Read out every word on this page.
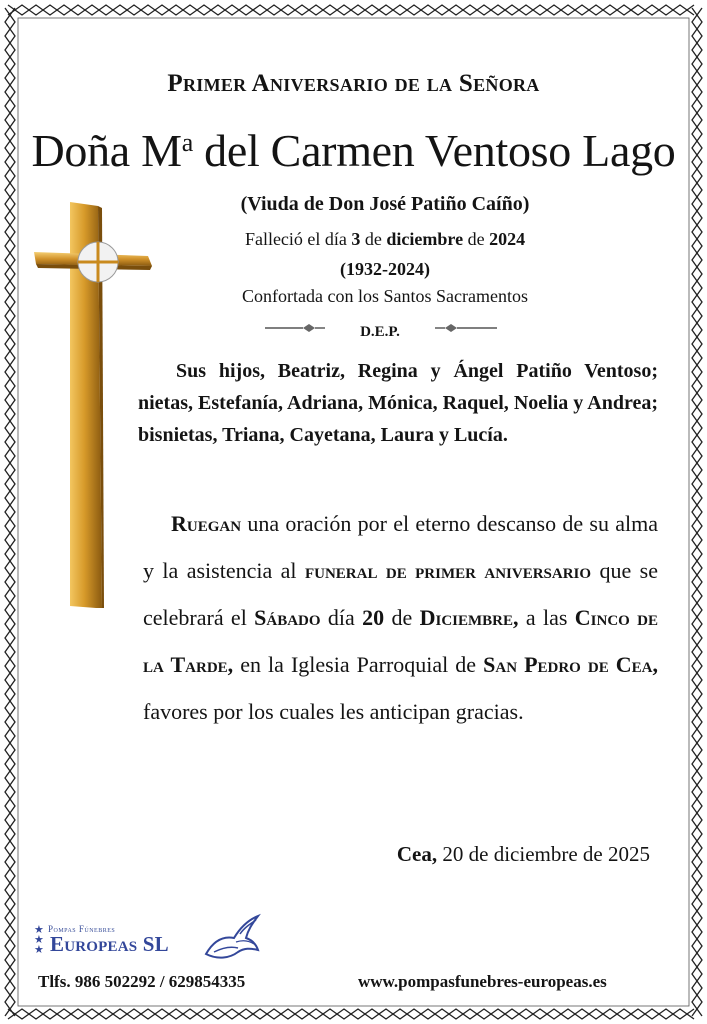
Primer Aniversario de la Señora
Doña $M^a$ del Carmen Ventoso Lago
(Viuda de Don José Patiño Caíño)
Falleció el día 3 de diciembre de 2024
(1932-2024)
Confortada con los Santos Sacramentos
D.E.P.

Sus hijos, Beatriz, Regina y Ángel Patiño Ventoso; nietas, Estefanía, Adriana, Mónica, Raquel, Noelia y Andrea; bisnietas, Triana, Cayetana, Laura y Lucía.

Ruegan una oración por el eterno descanso de su alma y la asistencia al funeral de primer aniversario que se celebrará el Sábado día 20 de Diciembre, a las Cinco de la Tarde, en la Iglesia Parroquial de San Pedro de Cea, favores por los cuales les anticipan gracias.

Cea, 20 de diciembre de 2025
★
★
★
Pompas Fúnebres
Europeas SL
Tlfs. 986 502292 / 629854335	www.pompasfunebres-europeas.es
